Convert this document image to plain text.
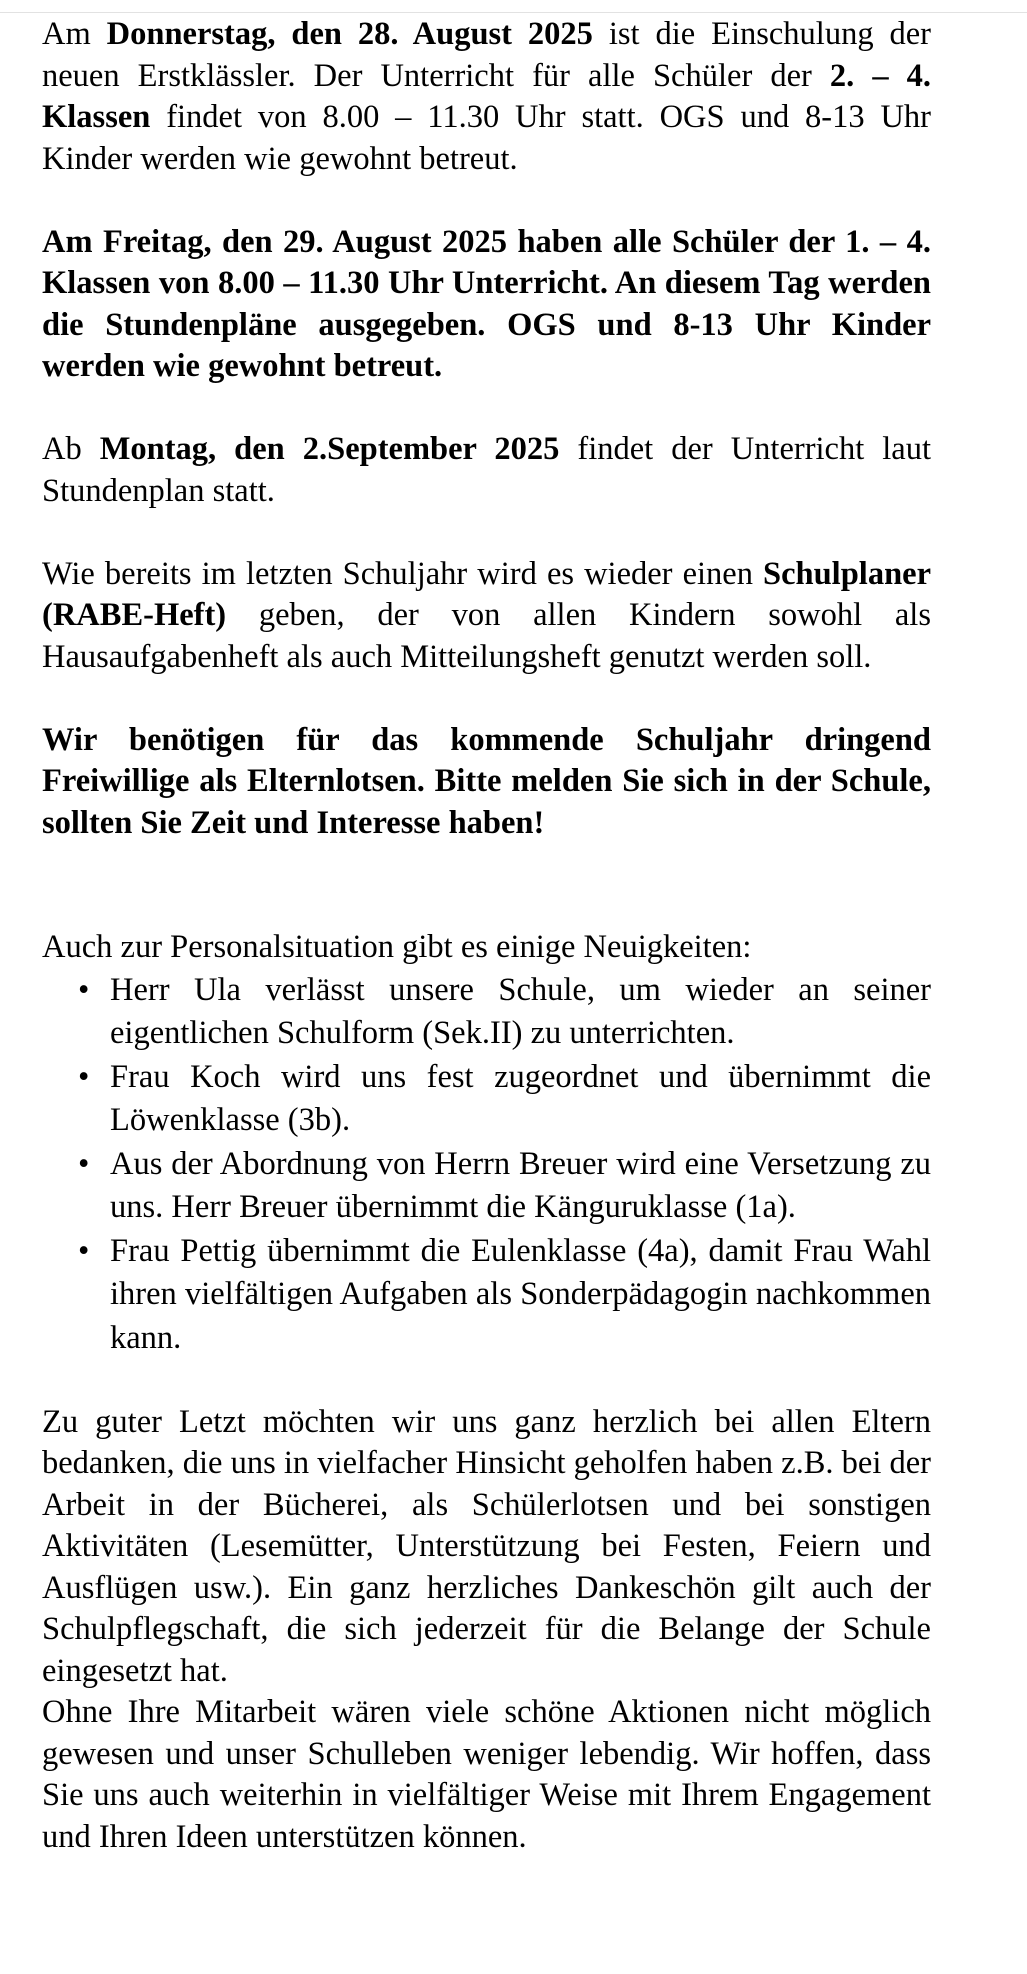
Am Donnerstag, den 28. August 2025 ist die Einschulung der neuen Erstklässler. Der Unterricht für alle Schüler der 2. – 4. Klassen findet von 8.00 – 11.30 Uhr statt. OGS und 8-13 Uhr Kinder werden wie gewohnt betreut.

Am Freitag, den 29. August 2025 haben alle Schüler der 1. – 4. Klassen von 8.00 – 11.30 Uhr Unterricht. An diesem Tag werden die Stundenpläne ausgegeben. OGS und 8-13 Uhr Kinder werden wie gewohnt betreut.

Ab Montag, den 2.September 2025 findet der Unterricht laut Stundenplan statt.

Wie bereits im letzten Schuljahr wird es wieder einen Schulplaner (RABE-Heft) geben, der von allen Kindern sowohl als Hausaufgabenheft als auch Mitteilungsheft genutzt werden soll.

Wir benötigen für das kommende Schuljahr dringend Freiwillige als Elternlotsen. Bitte melden Sie sich in der Schule, sollten Sie Zeit und Interesse haben!

Auch zur Personalsituation gibt es einige Neuigkeiten:

• Herr Ula verlässt unsere Schule, um wieder an seiner eigentlichen Schulform (Sek.II) zu unterrichten.
• Frau Koch wird uns fest zugeordnet und übernimmt die Löwenklasse (3b).
• Aus der Abordnung von Herrn Breuer wird eine Versetzung zu uns. Herr Breuer übernimmt die Känguruklasse (1a).
• Frau Pettig übernimmt die Eulenklasse (4a), damit Frau Wahl ihren vielfältigen Aufgaben als Sonderpädagogin nachkommen kann.

Zu guter Letzt möchten wir uns ganz herzlich bei allen Eltern bedanken, die uns in vielfacher Hinsicht geholfen haben z.B. bei der Arbeit in der Bücherei, als Schülerlotsen und bei sonstigen Aktivitäten (Lesemütter, Unterstützung bei Festen, Feiern und Ausflügen usw.). Ein ganz herzliches Dankeschön gilt auch der Schulpflegschaft, die sich jederzeit für die Belange der Schule eingesetzt hat.

Ohne Ihre Mitarbeit wären viele schöne Aktionen nicht möglich gewesen und unser Schulleben weniger lebendig. Wir hoffen, dass Sie uns auch weiterhin in vielfältiger Weise mit Ihrem Engagement und Ihren Ideen unterstützen können.
